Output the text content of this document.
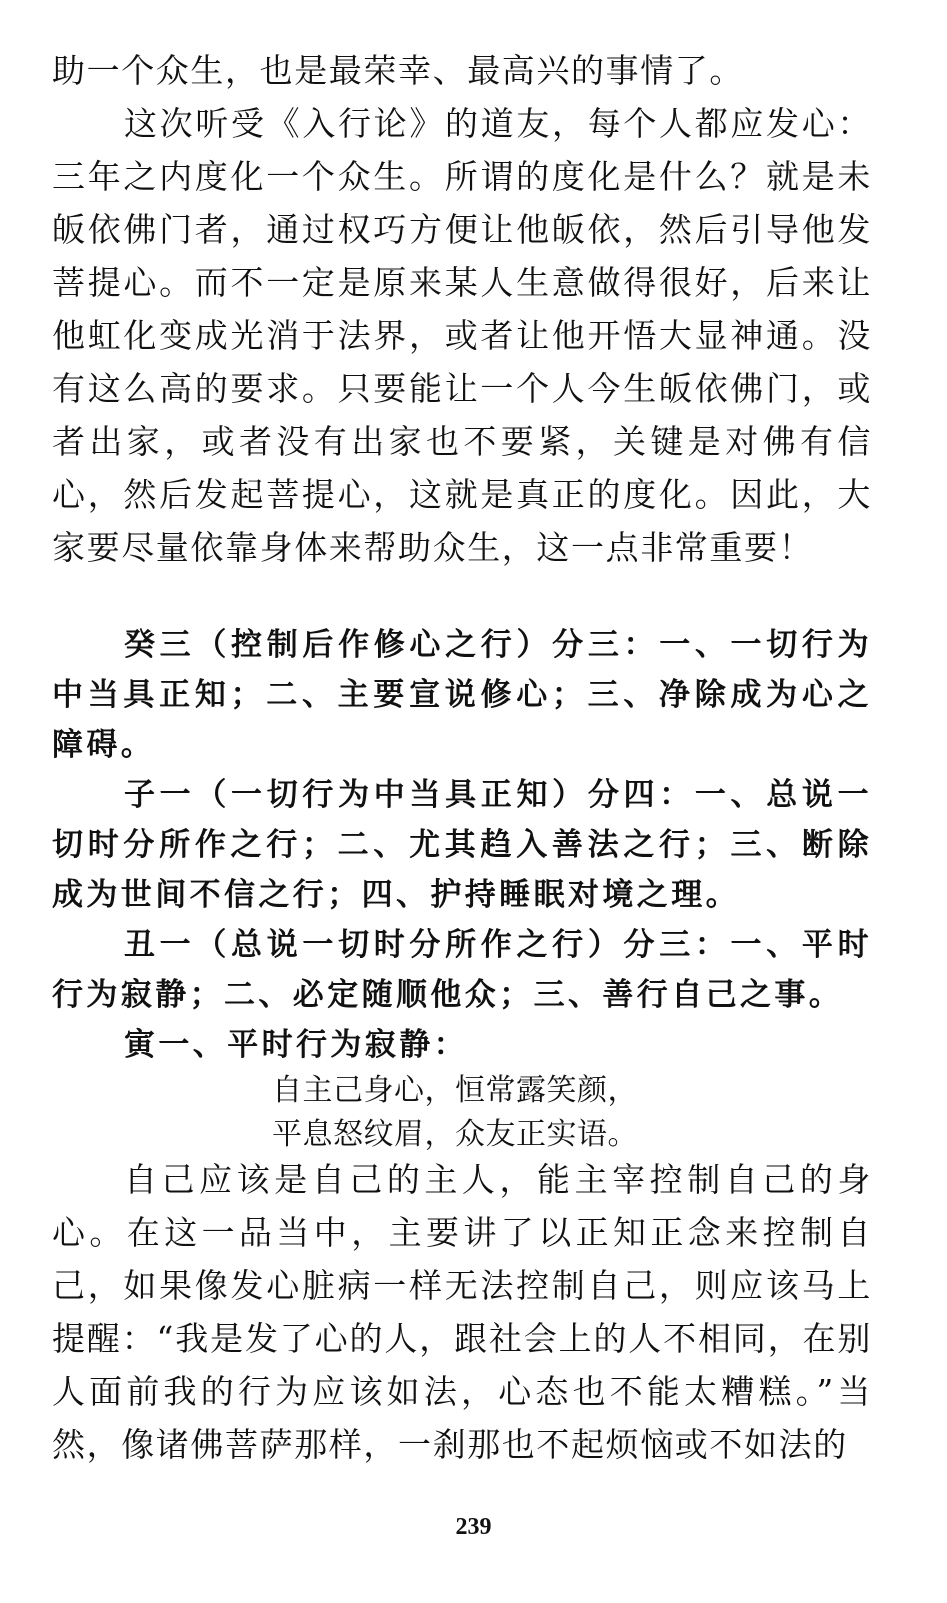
助一个众生，也是最荣幸、最高兴的事情了。

这次听受《入行论》的道友，每个人都应发心：三年之内度化一个众生。所谓的度化是什么？就是未皈依佛门者，通过权巧方便让他皈依，然后引导他发菩提心。而不一定是原来某人生意做得很好，后来让他虹化变成光消于法界，或者让他开悟大显神通。没有这么高的要求。只要能让一个人今生皈依佛门，或者出家，或者没有出家也不要紧，关键是对佛有信心，然后发起菩提心，这就是真正的度化。因此，大家要尽量依靠身体来帮助众生，这一点非常重要！

癸三（控制后作修心之行）分三：一、一切行为中当具正知；二、主要宣说修心；三、净除成为心之障碍。

子一（一切行为中当具正知）分四：一、总说一切时分所作之行；二、尤其趋入善法之行；三、断除成为世间不信之行；四、护持睡眠对境之理。

丑一（总说一切时分所作之行）分三：一、平时行为寂静；二、必定随顺他众；三、善行自己之事。

寅一、平时行为寂静：

自主己身心，恒常露笑颜，

平息怒纹眉，众友正实语。

自己应该是自己的主人，能主宰控制自己的身心。在这一品当中，主要讲了以正知正念来控制自己，如果像发心脏病一样无法控制自己，则应该马上提醒：“我是发了心的人，跟社会上的人不相同，在别人面前我的行为应该如法，心态也不能太糟糕。”当然，像诸佛菩萨那样，一刹那也不起烦恼或不如法的

239
